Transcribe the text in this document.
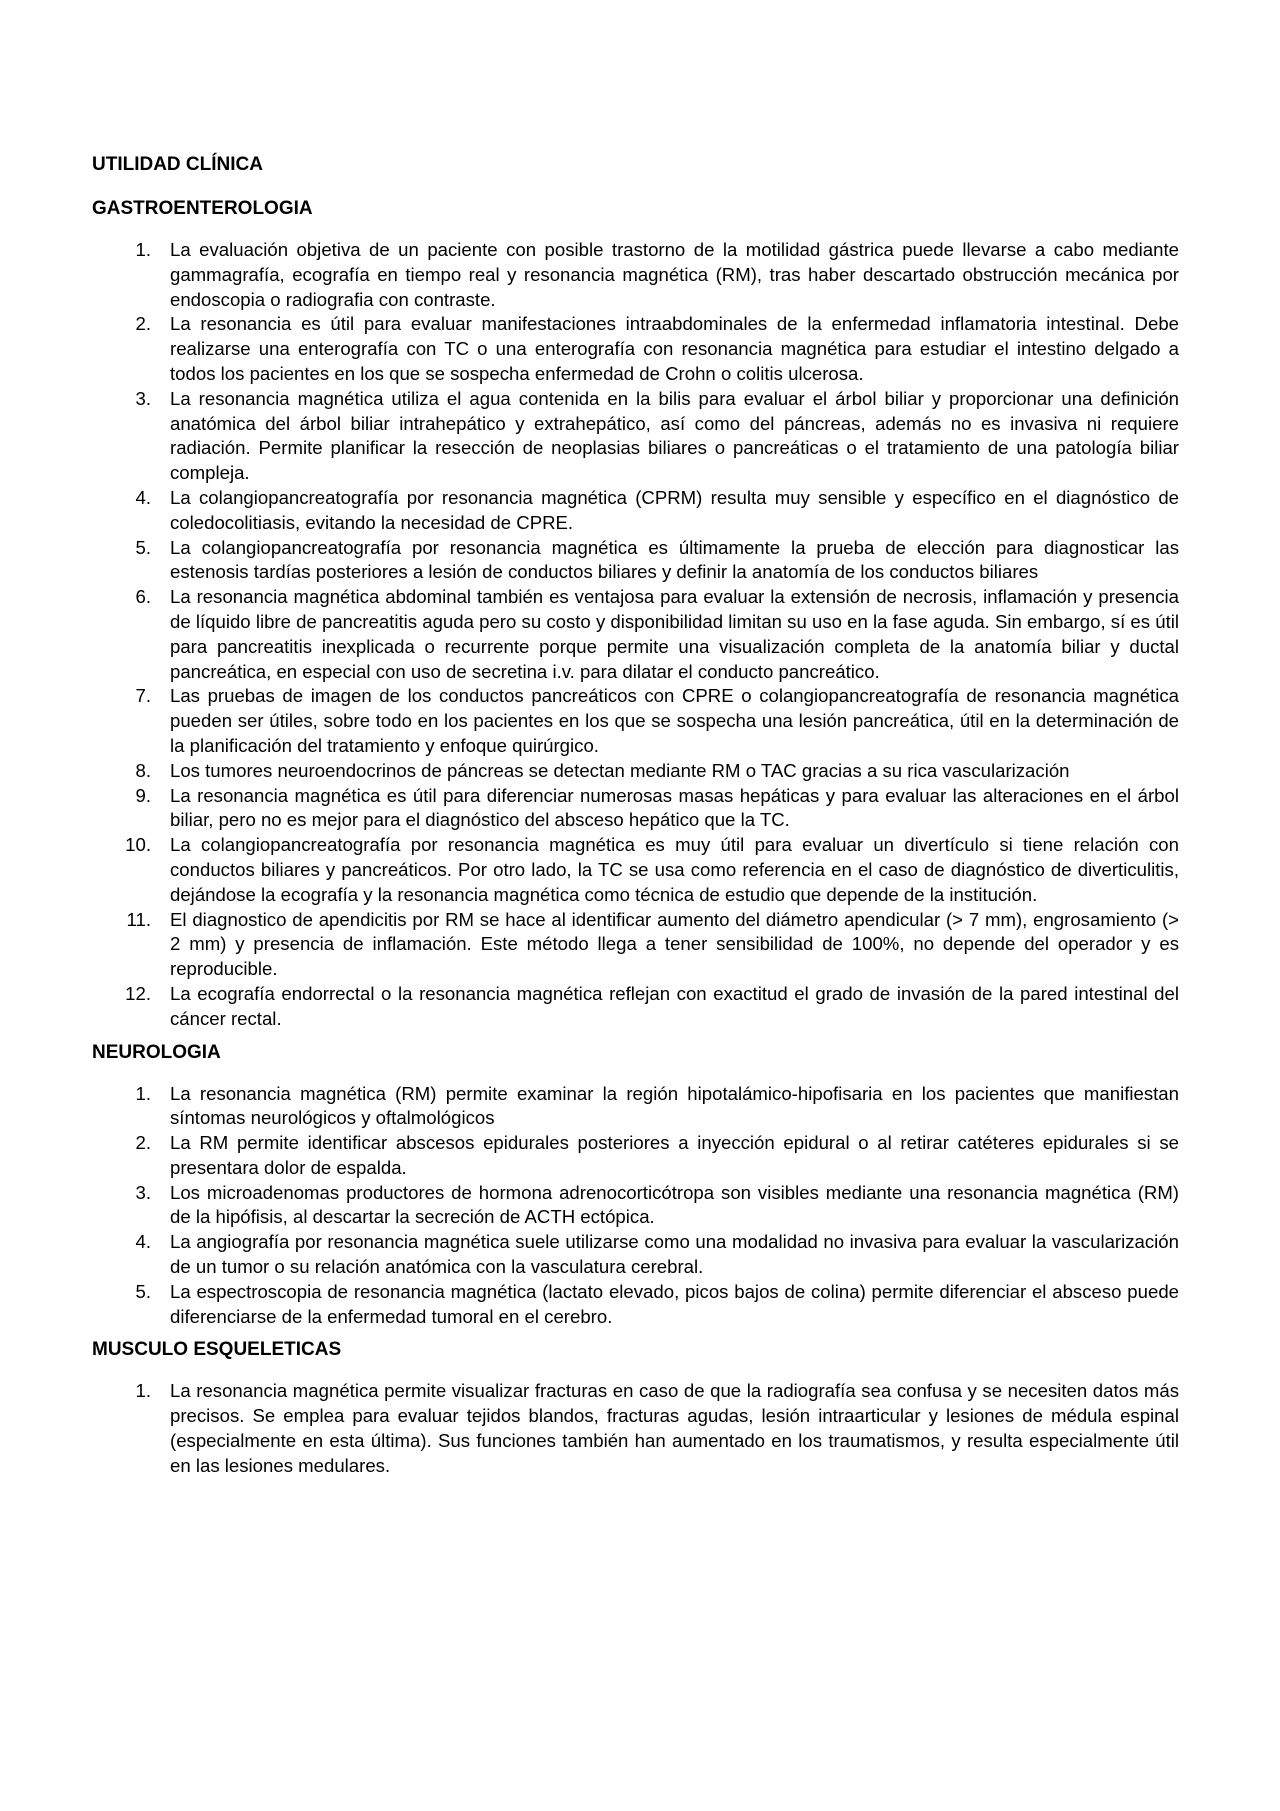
UTILIDAD CLÍNICA
GASTROENTEROLOGIA
1. La evaluación objetiva de un paciente con posible trastorno de la motilidad gástrica puede llevarse a cabo mediante gammagrafía, ecografía en tiempo real y resonancia magnética (RM), tras haber descartado obstrucción mecánica por endoscopia o radiografia con contraste.
2. La resonancia es útil para evaluar manifestaciones intraabdominales de la enfermedad inflamatoria intestinal. Debe realizarse una enterografía con TC o una enterografía con resonancia magnética para estudiar el intestino delgado a todos los pacientes en los que se sospecha enfermedad de Crohn o colitis ulcerosa.
3. La resonancia magnética utiliza el agua contenida en la bilis para evaluar el árbol biliar y proporcionar una definición anatómica del árbol biliar intrahepático y extrahepático, así como del páncreas, además no es invasiva ni requiere radiación. Permite planificar la resección de neoplasias biliares o pancreáticas o el tratamiento de una patología biliar compleja.
4. La colangiopancreatografía por resonancia magnética (CPRM) resulta muy sensible y específico en el diagnóstico de coledocolitiasis, evitando la necesidad de CPRE.
5. La colangiopancreatografía por resonancia magnética es últimamente la prueba de elección para diagnosticar las estenosis tardías posteriores a lesión de conductos biliares y definir la anatomía de los conductos biliares
6. La resonancia magnética abdominal también es ventajosa para evaluar la extensión de necrosis, inflamación y presencia de líquido libre de pancreatitis aguda pero su costo y disponibilidad limitan su uso en la fase aguda. Sin embargo, sí es útil para pancreatitis inexplicada o recurrente porque permite una visualización completa de la anatomía biliar y ductal pancreática, en especial con uso de secretina i.v. para dilatar el conducto pancreático.
7. Las pruebas de imagen de los conductos pancreáticos con CPRE o colangiopancreatografía de resonancia magnética pueden ser útiles, sobre todo en los pacientes en los que se sospecha una lesión pancreática, útil en la determinación de la planificación del tratamiento y enfoque quirúrgico.
8. Los tumores neuroendocrinos de páncreas se detectan mediante RM o TAC gracias a su rica vascularización
9. La resonancia magnética es útil para diferenciar numerosas masas hepáticas y para evaluar las alteraciones en el árbol biliar, pero no es mejor para el diagnóstico del absceso hepático que la TC.
10. La colangiopancreatografía por resonancia magnética es muy útil para evaluar un divertículo si tiene relación con conductos biliares y pancreáticos. Por otro lado, la TC se usa como referencia en el caso de diagnóstico de diverticulitis, dejándose la ecografía y la resonancia magnética como técnica de estudio que depende de la institución.
11. El diagnostico de apendicitis por RM se hace al identificar aumento del diámetro apendicular (> 7 mm), engrosamiento (> 2 mm) y presencia de inflamación. Este método llega a tener sensibilidad de 100%, no depende del operador y es reproducible.
12. La ecografía endorrectal o la resonancia magnética reflejan con exactitud el grado de invasión de la pared intestinal del cáncer rectal.
NEUROLOGIA
1. La resonancia magnética (RM) permite examinar la región hipotalámico-hipofisaria en los pacientes que manifiestan síntomas neurológicos y oftalmológicos
2. La RM permite identificar abscesos epidurales posteriores a inyección epidural o al retirar catéteres epidurales si se presentara dolor de espalda.
3. Los microadenomas productores de hormona adrenocorticótropa son visibles mediante una resonancia magnética (RM) de la hipófisis, al descartar la secreción de ACTH ectópica.
4. La angiografía por resonancia magnética suele utilizarse como una modalidad no invasiva para evaluar la vascularización de un tumor o su relación anatómica con la vasculatura cerebral.
5. La espectroscopia de resonancia magnética (lactato elevado, picos bajos de colina) permite diferenciar el absceso puede diferenciarse de la enfermedad tumoral en el cerebro.
MUSCULO ESQUELETICAS
1. La resonancia magnética permite visualizar fracturas en caso de que la radiografía sea confusa y se necesiten datos más precisos. Se emplea para evaluar tejidos blandos, fracturas agudas, lesión intraarticular y lesiones de médula espinal (especialmente en esta última). Sus funciones también han aumentado en los traumatismos, y resulta especialmente útil en las lesiones medulares.
